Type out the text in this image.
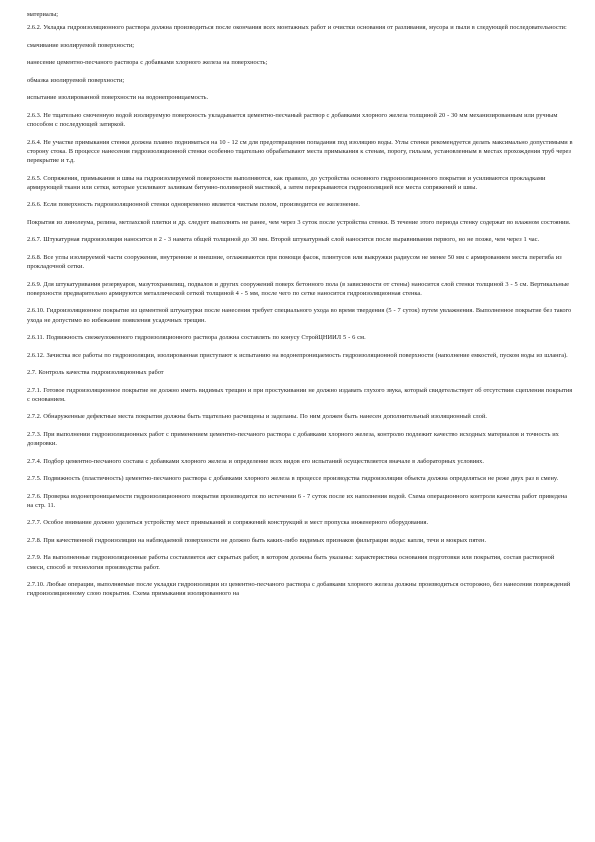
материалы;

2.6.2. Укладка гидроизоляционного раствора должна производиться после окончания всех монтажных работ и очистки основания от разливания, мусора и пыли в следующей последовательности:

смачивание изолируемой поверхности;

нанесение цементно-песчаного раствора с добавками хлорного железа на поверхность;

обмазка изолируемой поверхности;

испытание изолированной поверхности на водонепроницаемость.

2.6.3. Не тщательно смоченную водой изолируемую поверхность укладывается цементно-песчаный раствор с добавками хлорного железа толщиной 20 - 30 мм механизированным или ручным способом с последующей затиркой.

2.6.4. Не участке примыкания стенки должна плавно подниматься на 10 - 12 см для предотвращения попадания под изоляцию воды. Углы стенки рекомендуется делать максимально допустимыми в сторону стока. В процессе нанесения гидроизоляционной стенки особенно тщательно обрабатывают места примыкания к стенам, порогу, гильзам, установленным в местах прохождения труб через перекрытие и т.д.

2.6.5. Сопряжения, примыкания и швы на гидроизолируемой поверхности выполняются, как правило, до устройства основного гидроизоляционного покрытия и усиливаются прокладками армирующей ткани или сетки, которые усиливают заливкам битумно-полимерной мастикой, а затем перекрываются гидроизоляцией все места сопряжений и швы.

2.6.6. Если поверхность гидроизоляционной стенки одновременно является чистым полом, производится ее железнение.

Покрытия из линолеума, релина, метлахской плитки и др. следует выполнять не ранее, чем через 3 суток после устройства стенки. В течение этого периода стенку содержат во влажном состоянии.

2.6.7. Штукатурная гидроизоляция наносится в 2 - 3 намета общей толщиной до 30 мм. Второй штукатурный слой наносится после выравнивания первого, но не позже, чем через 1 час.

2.6.8. Все углы изолируемой части сооружения, внутренние и внешние, оглаживаются при помощи фасок, плинтусов или выкружки радиусом не менее 50 мм с армированием места перегиба из прокладочной сетки.

2.6.9. Для штукатуривания резервуаров, мазутохранилищ, подвалов и других сооружений поверх бетонного пола (в зависимости от стены) наносится слой стенки толщиной 3 - 5 см. Вертикальные поверхности предварительно армируются металлической сеткой толщиной 4 - 5 мм, после чего по сетке наносится гидроизоляционная стенка.

2.6.10. Гидроизоляционное покрытие из цементной штукатурки после нанесения требует специального ухода во время твердения (5 - 7 суток) путем увлажнения. Выполненное покрытие без такого ухода не допустимо во избежание появления усадочных трещин.

2.6.11. Подвижность свежеуложенного гидроизоляционного раствора должна составлять по конусу СтройЦНИИЛ 5 - 6 см.

2.6.12. Зачистка все работы по гидроизоляции, изолированная приступают к испытанию на водонепроницаемость гидроизоляционной поверхности (наполнение емкостей, пуском воды из шланга).

2.7. Контроль качества гидроизоляционных работ

2.7.1. Готовое гидроизоляционное покрытие не должно иметь видимых трещин и при простукивании не должно издавать глухого звука, который свидетельствует об отсутствии сцепления покрытия с основанием.

2.7.2. Обнаруженные дефектные места покрытия должны быть тщательно расчищены и заделаны. По ним должен быть нанесен дополнительный изоляционный слой.

2.7.3. При выполнении гидроизоляционных работ с применением цементно-песчаного раствора с добавками хлорного железа, контролю подлежит качество исходных материалов и точность их дозировки.

2.7.4. Подбор цементно-песчаного состава с добавками хлорного железа и определение всех видов его испытаний осуществляется вначале в лабораторных условиях.

2.7.5. Подвижность (пластичность) цементно-песчаного раствора с добавками хлорного железа в процессе производства гидроизоляции объекта должна определяться не реже двух раз в смену.

2.7.6. Проверка водонепроницаемости гидроизоляционного покрытия производится по истечении 6 - 7 суток после их наполнения водой. Схема операционного контроля качества работ приведена на стр. 11.

2.7.7. Особое внимание должно уделяться устройству мест примыканий и сопряжений конструкций и мест пропуска инженерного оборудования.

2.7.8. При качественной гидроизоляции на наблюдаемой поверхности не должно быть каких-либо видимых признаков фильтрации воды: капли, течи и мокрых пятен.

2.7.9. На выполненные гидроизоляционные работы составляется акт скрытых работ, в котором должны быть указаны: характеристика основания подготовки или покрытия, состав растворной смеси, способ и технология производства работ.

2.7.10. Любые операции, выполняемые после укладки гидроизоляции из цементно-песчаного раствора с добавками хлорного железа должны производиться осторожно, без нанесения повреждений гидроизоляционному слою покрытия. Схема примыкания изолированного на
